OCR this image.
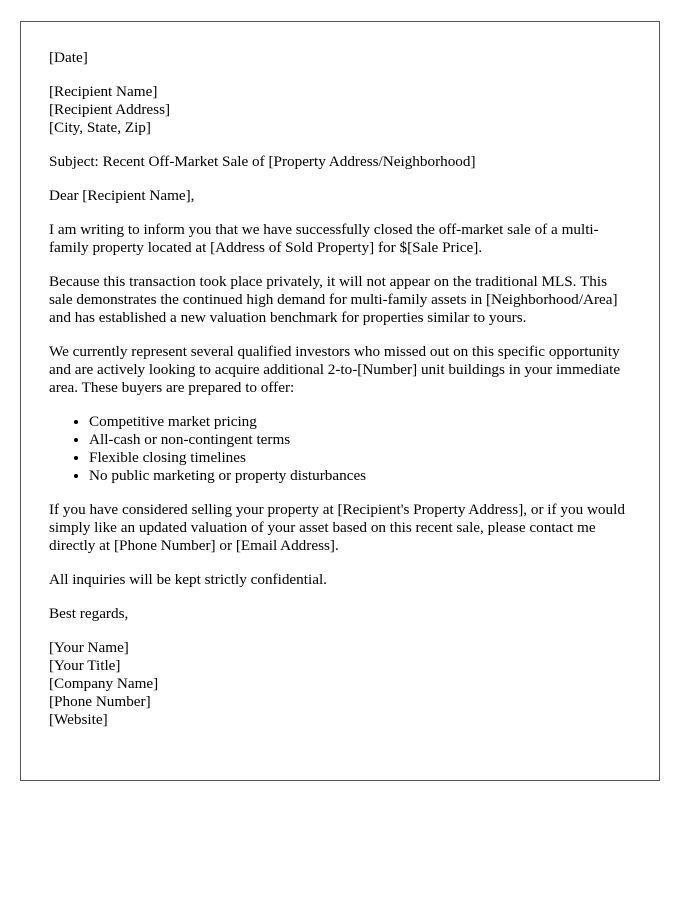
[Date]
[Recipient Name]
[Recipient Address]
[City, State, Zip]

Subject: Recent Off-Market Sale of [Property Address/Neighborhood]

Dear [Recipient Name],

I am writing to inform you that we have successfully closed the off-market sale of a multi-family property located at [Address of Sold Property] for $[Sale Price].

Because this transaction took place privately, it will not appear on the traditional MLS. This sale demonstrates the continued high demand for multi-family assets in [Neighborhood/Area] and has established a new valuation benchmark for properties similar to yours.

We currently represent several qualified investors who missed out on this specific opportunity and are actively looking to acquire additional 2-to-[Number] unit buildings in your immediate area. These buyers are prepared to offer:

• Competitive market pricing
• All-cash or non-contingent terms
• Flexible closing timelines
• No public marketing or property disturbances

If you have considered selling your property at [Recipient's Property Address], or if you would simply like an updated valuation of your asset based on this recent sale, please contact me directly at [Phone Number] or [Email Address].

All inquiries will be kept strictly confidential.

Best regards,

[Your Name]
[Your Title]
[Company Name]
[Phone Number]
[Website]
